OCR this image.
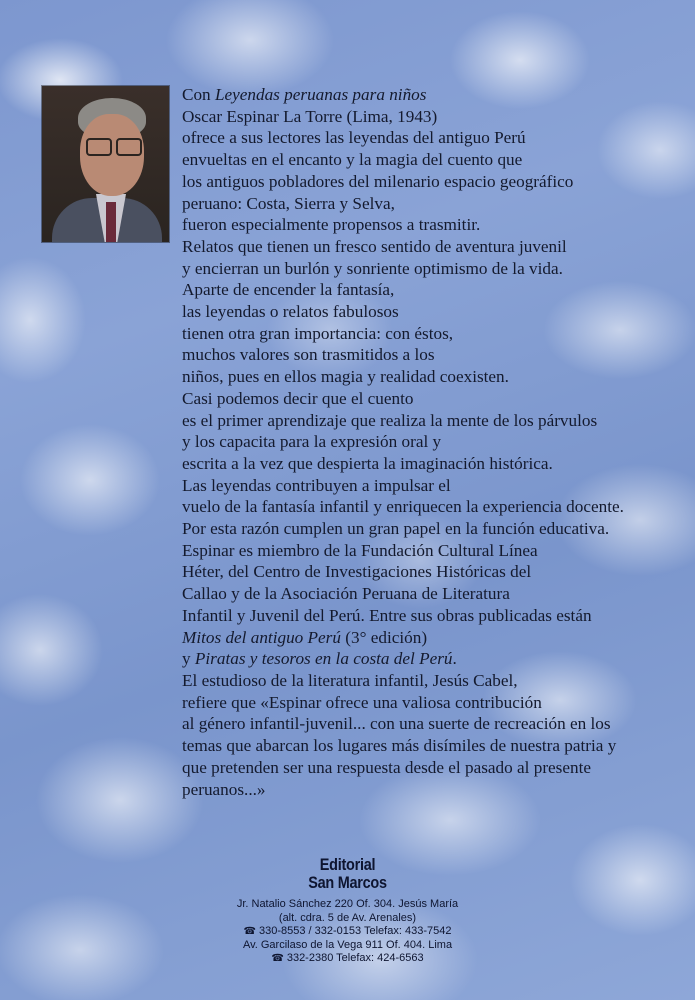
Con Leyendas peruanas para niños
Oscar Espinar La Torre (Lima, 1943)
ofrece a sus lectores las leyendas del antiguo Perú
envueltas en el encanto y la magia del cuento que
los antiguos pobladores del milenario espacio geográfico
peruano: Costa, Sierra y Selva,
fueron especialmente propensos a trasmitir.
Relatos que tienen un fresco sentido de aventura juvenil
y encierran un burlón y sonriente optimismo de la vida.
Aparte de encender la fantasía,
las leyendas o relatos fabulosos
tienen otra gran importancia: con éstos,
muchos valores son trasmitidos a los
niños, pues en ellos magia y realidad coexisten.
Casi podemos decir que el cuento
es el primer aprendizaje que realiza la mente de los párvulos
y los capacita para la expresión oral y
escrita a la vez que despierta la imaginación histórica.
Las leyendas contribuyen a impulsar el
vuelo de la fantasía infantil y enriquecen la experiencia docente.
Por esta razón cumplen un gran papel en la función educativa.
Espinar es miembro de la Fundación Cultural Línea
Héter, del Centro de Investigaciones Históricas del
Callao y de la Asociación Peruana de Literatura
Infantil y Juvenil del Perú. Entre sus obras publicadas están
Mitos del antiguo Perú (3° edición)
y Piratas y tesoros en la costa del Perú.
El estudioso de la literatura infantil, Jesús Cabel,
refiere que «Espinar ofrece una valiosa contribución
al género infantil-juvenil... con una suerte de recreación en los
temas que abarcan los lugares más disímiles de nuestra patria y
que pretenden ser una respuesta desde el pasado al presente
peruanos...»
Editorial
San Marcos
Jr. Natalio Sánchez 220 Of. 304. Jesús María
(alt. cdra. 5 de Av. Arenales)
☎ 330-8553 / 332-0153 Telefax: 433-7542
Av. Garcilaso de la Vega 911 Of. 404. Lima
☎ 332-2380 Telefax: 424-6563
